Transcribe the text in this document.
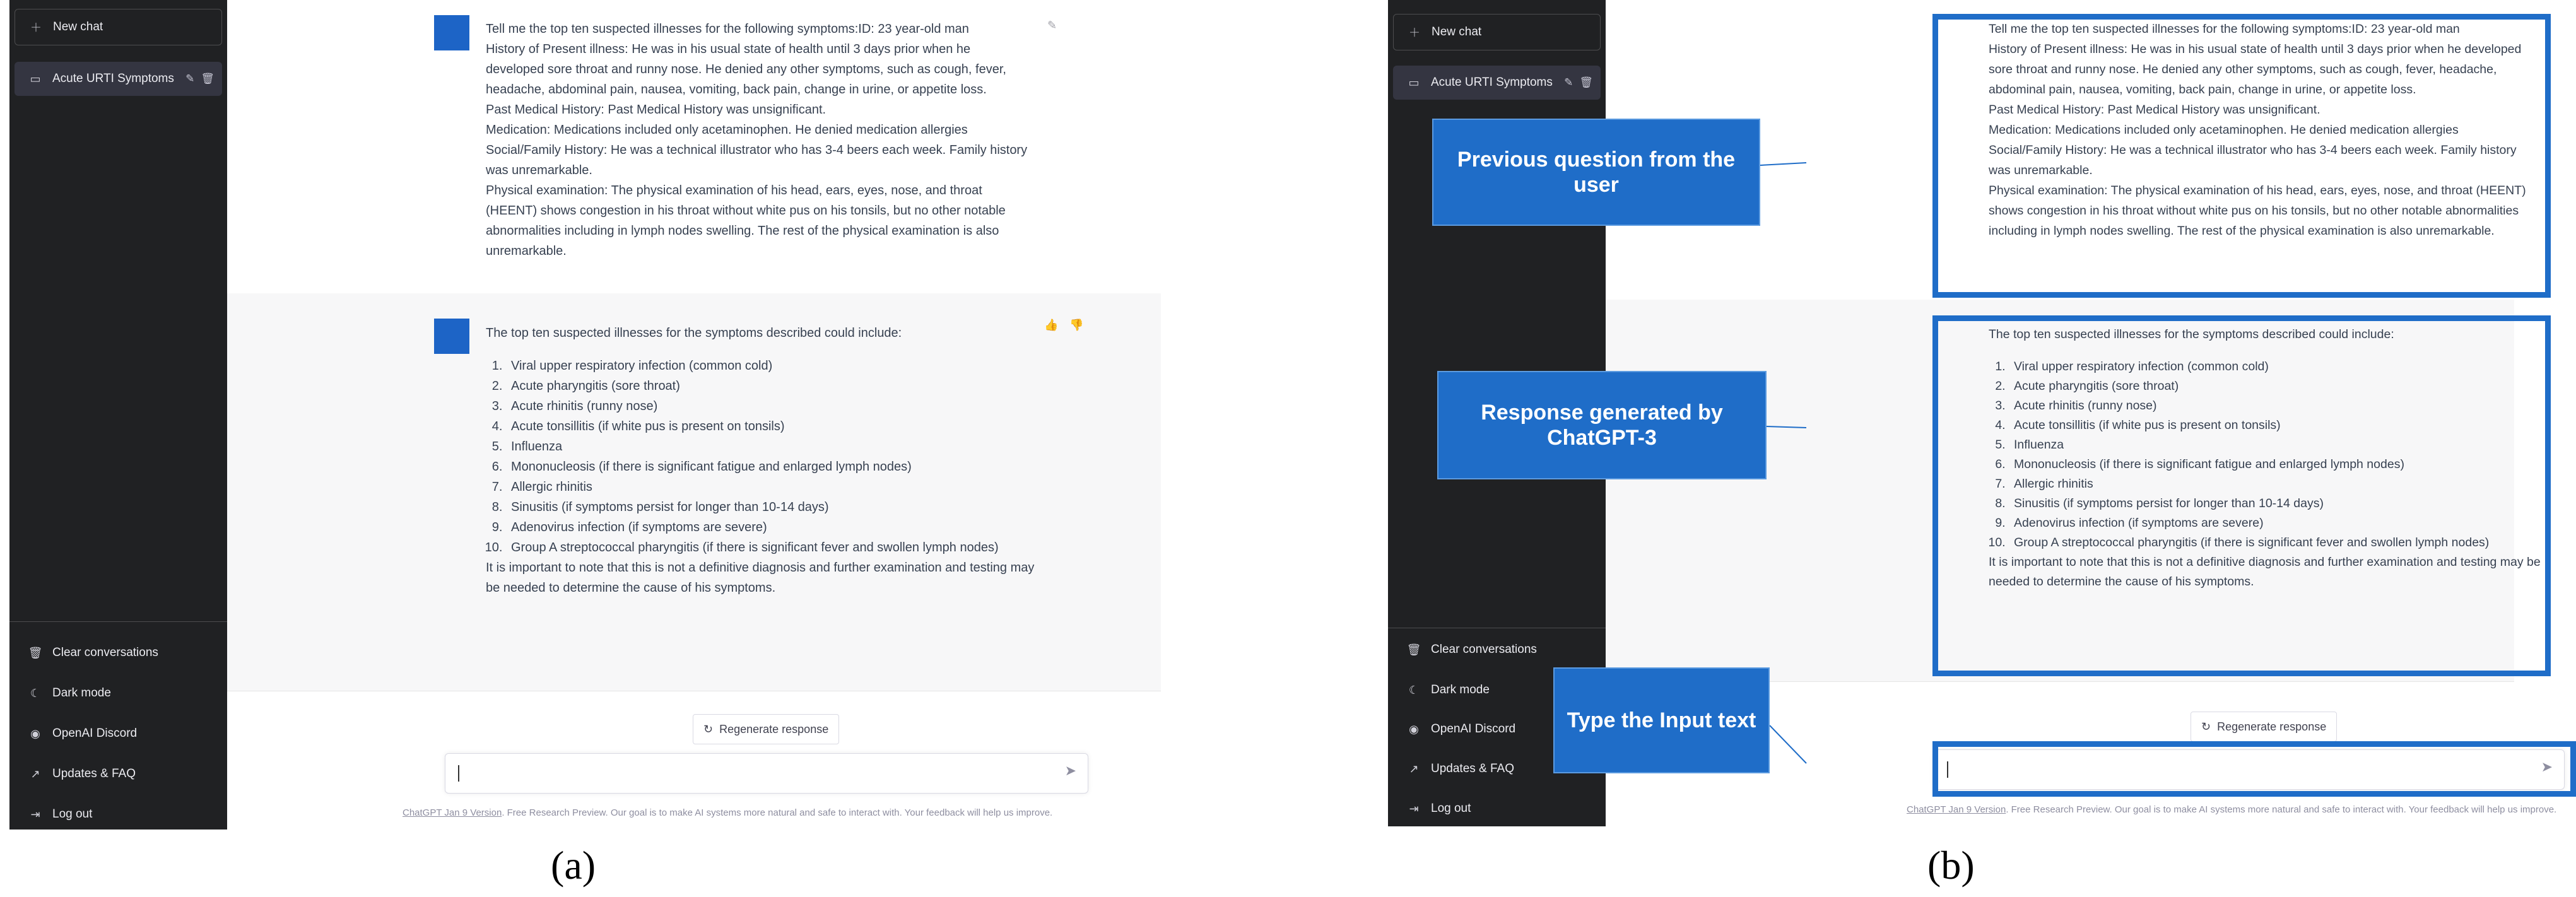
＋ New chat
▭ Acute URTI Symptoms ✎ 🗑
🗑 Clear conversations
☾ Dark mode
◉	OpenAI Discord
↗	Updates & FAQ
⇥	Log out

Tell me the top ten suspected illnesses for the following symptoms:ID: 23 year-old man

History of Present illness: He was in his usual state of health until 3 days prior when he developed sore throat and runny nose. He denied any other symptoms, such as cough, fever, headache, abdominal pain, nausea, vomiting, back pain, change in urine, or appetite loss.

Past Medical History: Past Medical History was unsignificant.

Medication: Medications included only acetaminophen. He denied medication allergies

Social/Family History: He was a technical illustrator who has 3-4 beers each week. Family history was unremarkable.

Physical examination: The physical examination of his head, ears, eyes, nose, and throat (HEENT) shows congestion in his throat without white pus on his tonsils, but no other notable abnormalities including in lymph nodes swelling. The rest of the physical examination is also unremarkable.

✎

The top ten suspected illnesses for the symptoms described could include:

1. Viral upper respiratory infection (common cold)
2. Acute pharyngitis (sore throat)
3. Acute rhinitis (runny nose)
4. Acute tonsillitis (if white pus is present on tonsils)
5. Influenza
6. Mononucleosis (if there is significant fatigue and enlarged lymph nodes)
7. Allergic rhinitis
8. Sinusitis (if symptoms persist for longer than 10-14 days)
9. Adenovirus infection (if symptoms are severe)
10. Group A streptococcal pharyngitis (if there is significant fever and swollen lymph nodes)

It is important to note that this is not a definitive diagnosis and further examination and testing may be needed to determine the cause of his symptoms.

👍 👎
↻ Regenerate response
➤
ChatGPT Jan 9 Version. Free Research Preview. Our goal is to make AI systems more natural and safe to interact with. Your feedback will help us improve.
＋ New chat
▭ Acute URTI Symptoms ✎ 🗑
🗑 Clear conversations
☾ Dark mode
◉	OpenAI Discord
↗	Updates & FAQ
⇥	Log out

Tell me the top ten suspected illnesses for the following symptoms:ID: 23 year-old man

History of Present illness: He was in his usual state of health until 3 days prior when he developed sore throat and runny nose. He denied any other symptoms, such as cough, fever, headache, abdominal pain, nausea, vomiting, back pain, change in urine, or appetite loss.

Past Medical History: Past Medical History was unsignificant.

Medication: Medications included only acetaminophen. He denied medication allergies

Social/Family History: He was a technical illustrator who has 3-4 beers each week. Family history was unremarkable.

Physical examination: The physical examination of his head, ears, eyes, nose, and throat (HEENT) shows congestion in his throat without white pus on his tonsils, but no other notable abnormalities including in lymph nodes swelling. The rest of the physical examination is also unremarkable.

The top ten suspected illnesses for the symptoms described could include:

1. Viral upper respiratory infection (common cold)
2. Acute pharyngitis (sore throat)
3. Acute rhinitis (runny nose)
4. Acute tonsillitis (if white pus is present on tonsils)
5. Influenza
6. Mononucleosis (if there is significant fatigue and enlarged lymph nodes)
7. Allergic rhinitis
8. Sinusitis (if symptoms persist for longer than 10-14 days)
9. Adenovirus infection (if symptoms are severe)
10. Group A streptococcal pharyngitis (if there is significant fever and swollen lymph nodes)

It is important to note that this is not a definitive diagnosis and further examination and testing may be needed to determine the cause of his symptoms.

↻ Regenerate response
➤
ChatGPT Jan 9 Version. Free Research Preview. Our goal is to make AI systems more natural and safe to interact with. Your feedback will help us improve.
Previous question from the user
Response generated by ChatGPT-3
Type the Input text
(a)	(b)
